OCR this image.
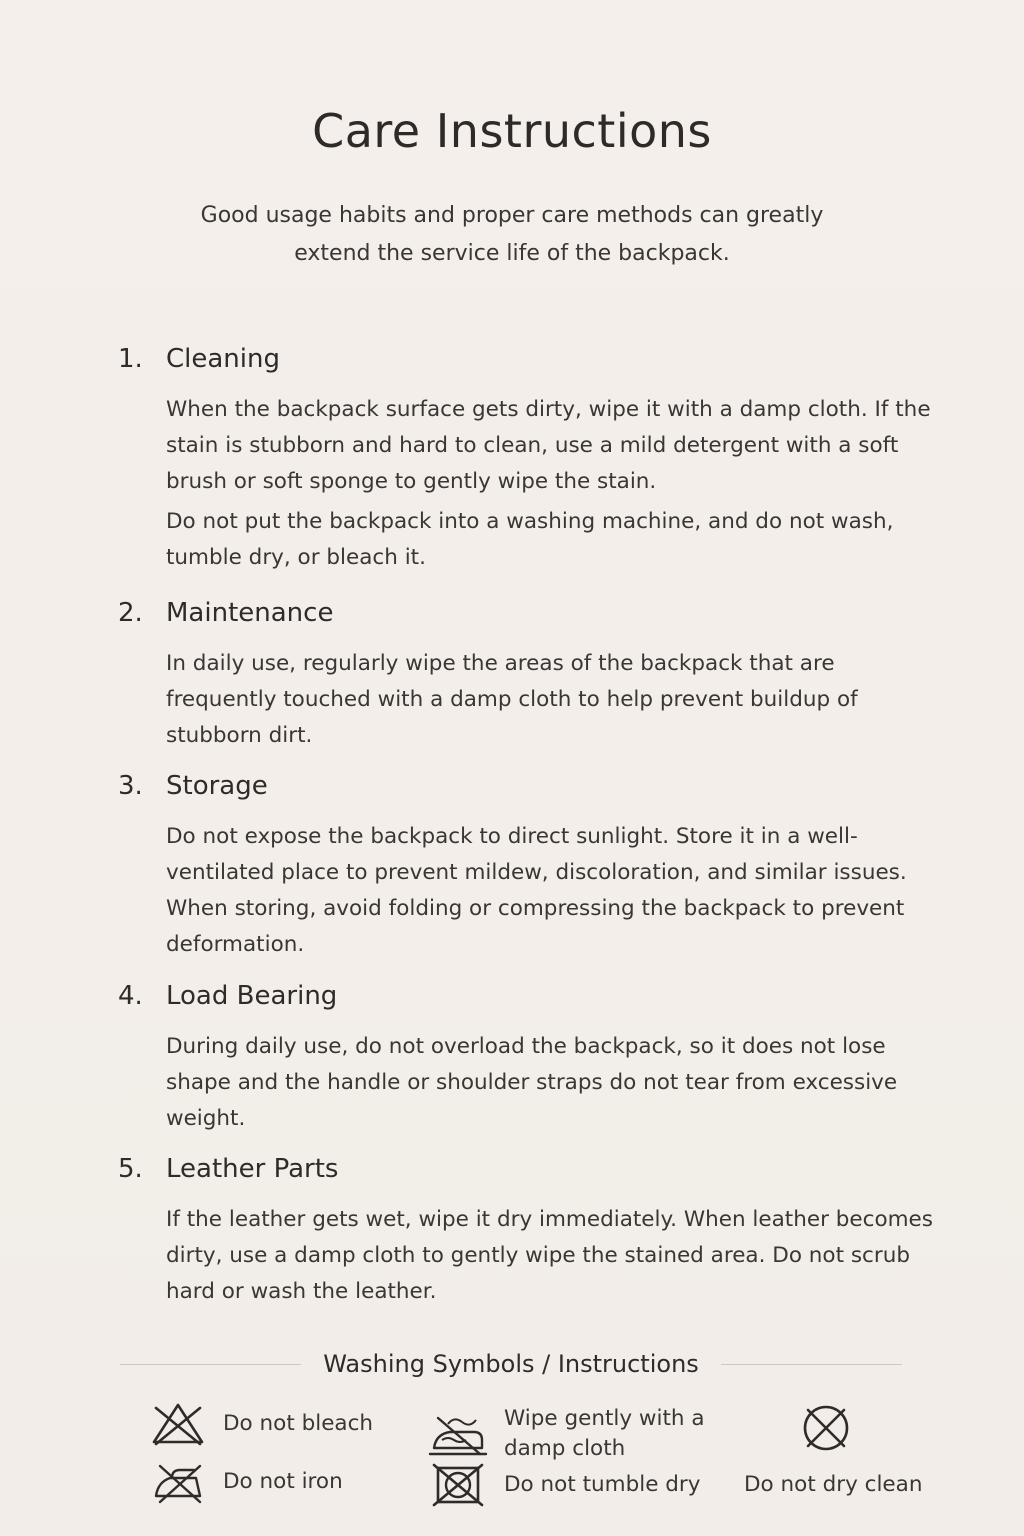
Care Instructions
Good usage habits and proper care methods can greatly
extend the service life of the backpack.
1. Cleaning

When the backpack surface gets dirty, wipe it with a damp cloth. If the stain is stubborn and hard to clean, use a mild detergent with a soft brush or soft sponge to gently wipe the stain.

Do not put the backpack into a washing machine, and do not wash, tumble dry, or bleach it.

2. Maintenance

In daily use, regularly wipe the areas of the backpack that are frequently touched with a damp cloth to help prevent buildup of stubborn dirt.

3. Storage

Do not expose the backpack to direct sunlight. Store it in a well-ventilated place to prevent mildew, discoloration, and similar issues. When storing, avoid folding or compressing the backpack to prevent deformation.

4. Load Bearing

During daily use, do not overload the backpack, so it does not lose shape and the handle or shoulder straps do not tear from excessive weight.

5. Leather Parts

If the leather gets wet, wipe it dry immediately. When leather becomes dirty, use a damp cloth to gently wipe the stained area. Do not scrub hard or wash the leather.

Washing Symbols / Instructions
Do not bleach	Wipe gently with a damp cloth
Do not iron	Do not tumble dry Do not dry clean
